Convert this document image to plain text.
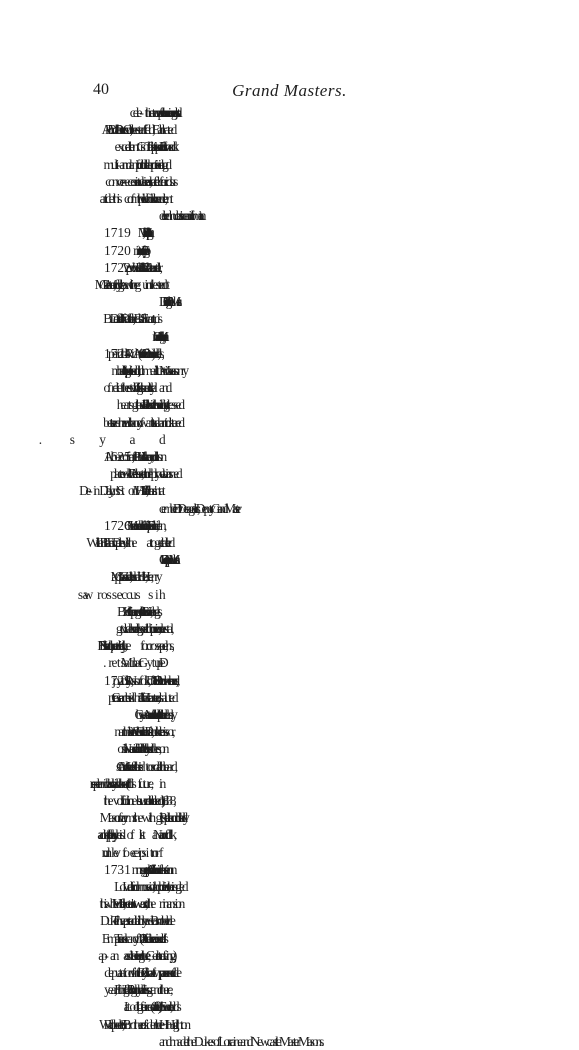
40	Grand Masters.
derived much assistance and information.
1719 Theophilus Desaguiliers, M.D.
1720
1722 The Duke of Wharton was proclaimed Grand Master, but was
Dr. Desaguiliers, Past Grand Master.
cleugh; after him as Grand Master
1724
1625
cember. Dr. Desaguiliers, Deputy Grand Master.
1726 O'Brien, Earl of Inchiquin, was saluted as Grand Master, and
Cooper, Esq. Deputy Grand Master.
James King, Earl of Kingston, who presented to the Brethren
1729,
1731 A magnificent procession of noblemen and gentlemen in masonic
and made the Dukes of Lorraine and Newcastle Master Masons.
